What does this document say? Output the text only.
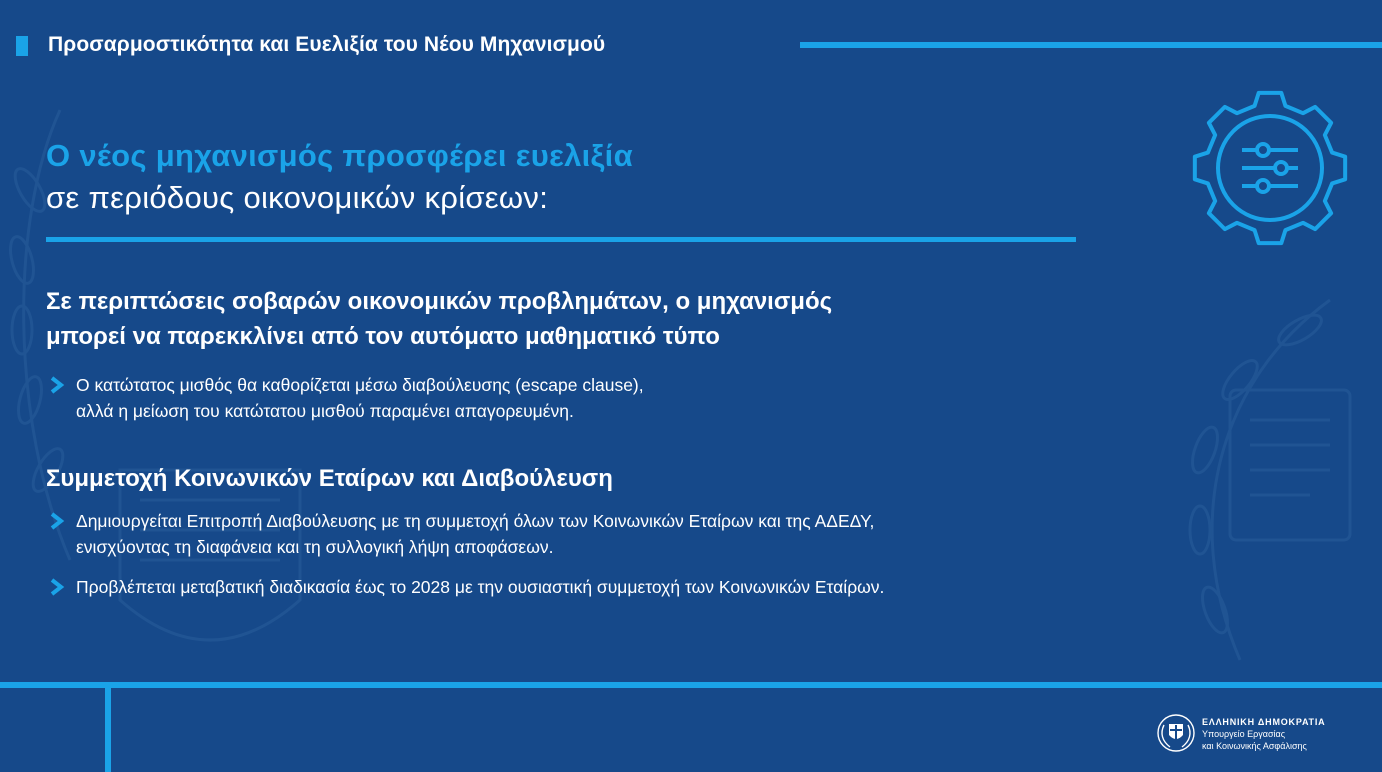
Προσαρμοστικότητα και Ευελιξία του Νέου Μηχανισμού
Ο νέος μηχανισμός προσφέρει ευελιξία
σε περιόδους οικονομικών κρίσεων:
Σε περιπτώσεις σοβαρών οικονομικών προβλημάτων, ο μηχανισμός
μπορεί να παρεκκλίνει από τον αυτόματο μαθηματικό τύπο
Ο κατώτατος μισθός θα καθορίζεται μέσω διαβούλευσης (escape clause),
αλλά η μείωση του κατώτατου μισθού παραμένει απαγορευμένη.
Συμμετοχή Κοινωνικών Εταίρων και Διαβούλευση
Δημιουργείται Επιτροπή Διαβούλευσης με τη συμμετοχή όλων των Κοινωνικών Εταίρων και της ΑΔΕΔΥ,
ενισχύοντας τη διαφάνεια και τη συλλογική λήψη αποφάσεων.
Προβλέπεται μεταβατική διαδικασία έως το 2028 με την ουσιαστική συμμετοχή των Κοινωνικών Εταίρων.
ΕΛΛΗΝΙΚΗ ΔΗΜΟΚΡΑΤΙΑ
Υπουργείο Εργασίας
και Κοινωνικής Ασφάλισης
